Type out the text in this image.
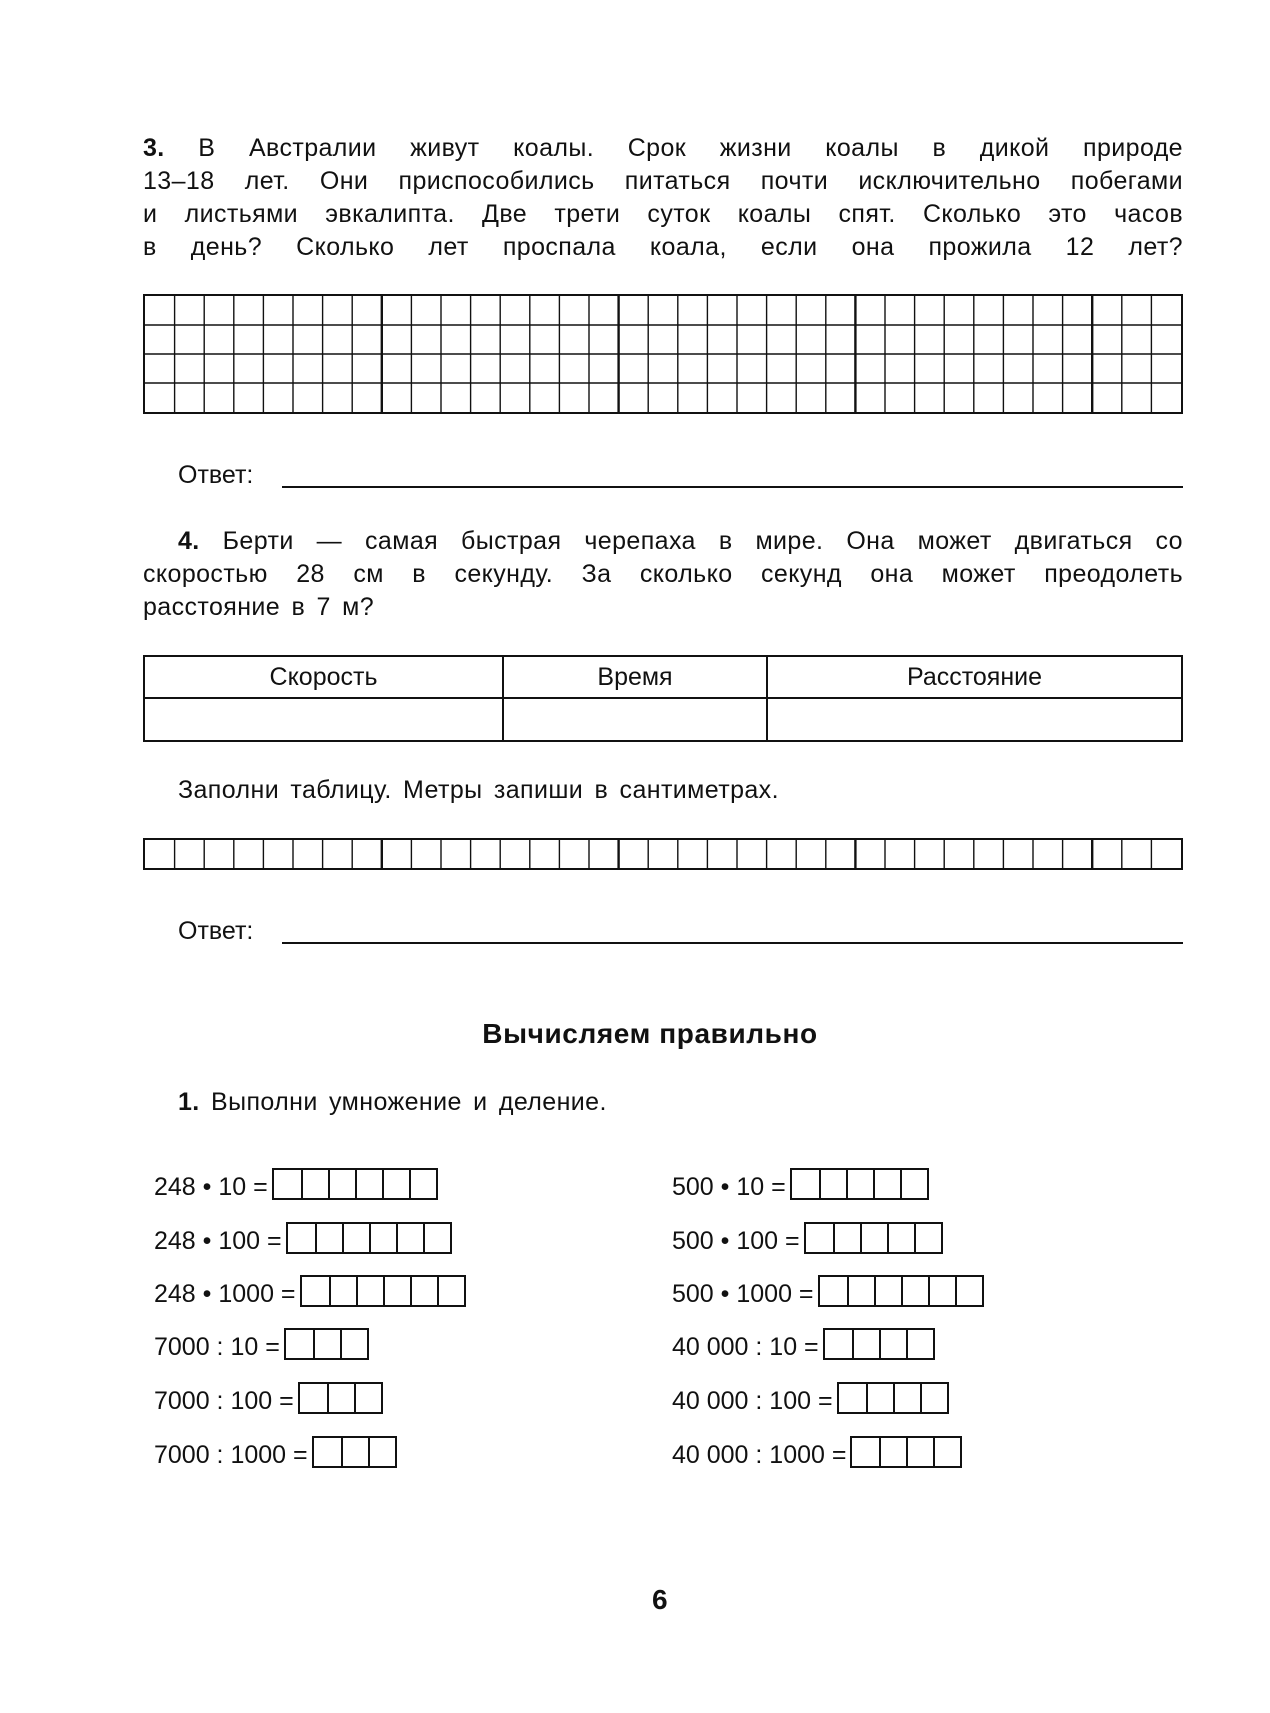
3. В Австралии живут коалы. Срок жизни коалы в дикой природе
13–18 лет. Они приспособились питаться почти исключительно побегами
и листьями эвкалипта. Две трети суток коалы спят. Сколько это часов
в день? Сколько лет проспала коала, если она прожила 12 лет?
Ответ:
4. Берти — самая быстрая черепаха в мире. Она может двигаться со
скоростью 28 см в секунду. За сколько секунд она может преодолеть
расстояние в 7 м?
Скорость	Время	Расстояние

Заполни таблицу. Метры запиши в сантиметрах.
Ответ:
Вычисляем правильно
1. Выполни умножение и деление.
248 • 10 =
248 • 100 =
248 • 1000 =
7000 : 10 =
7000 : 100 =
7000 : 1000 =
500 • 10 =
500 • 100 =
500 • 1000 =
40 000 : 10 =
40 000 : 100 =
40 000 : 1000 =
6
